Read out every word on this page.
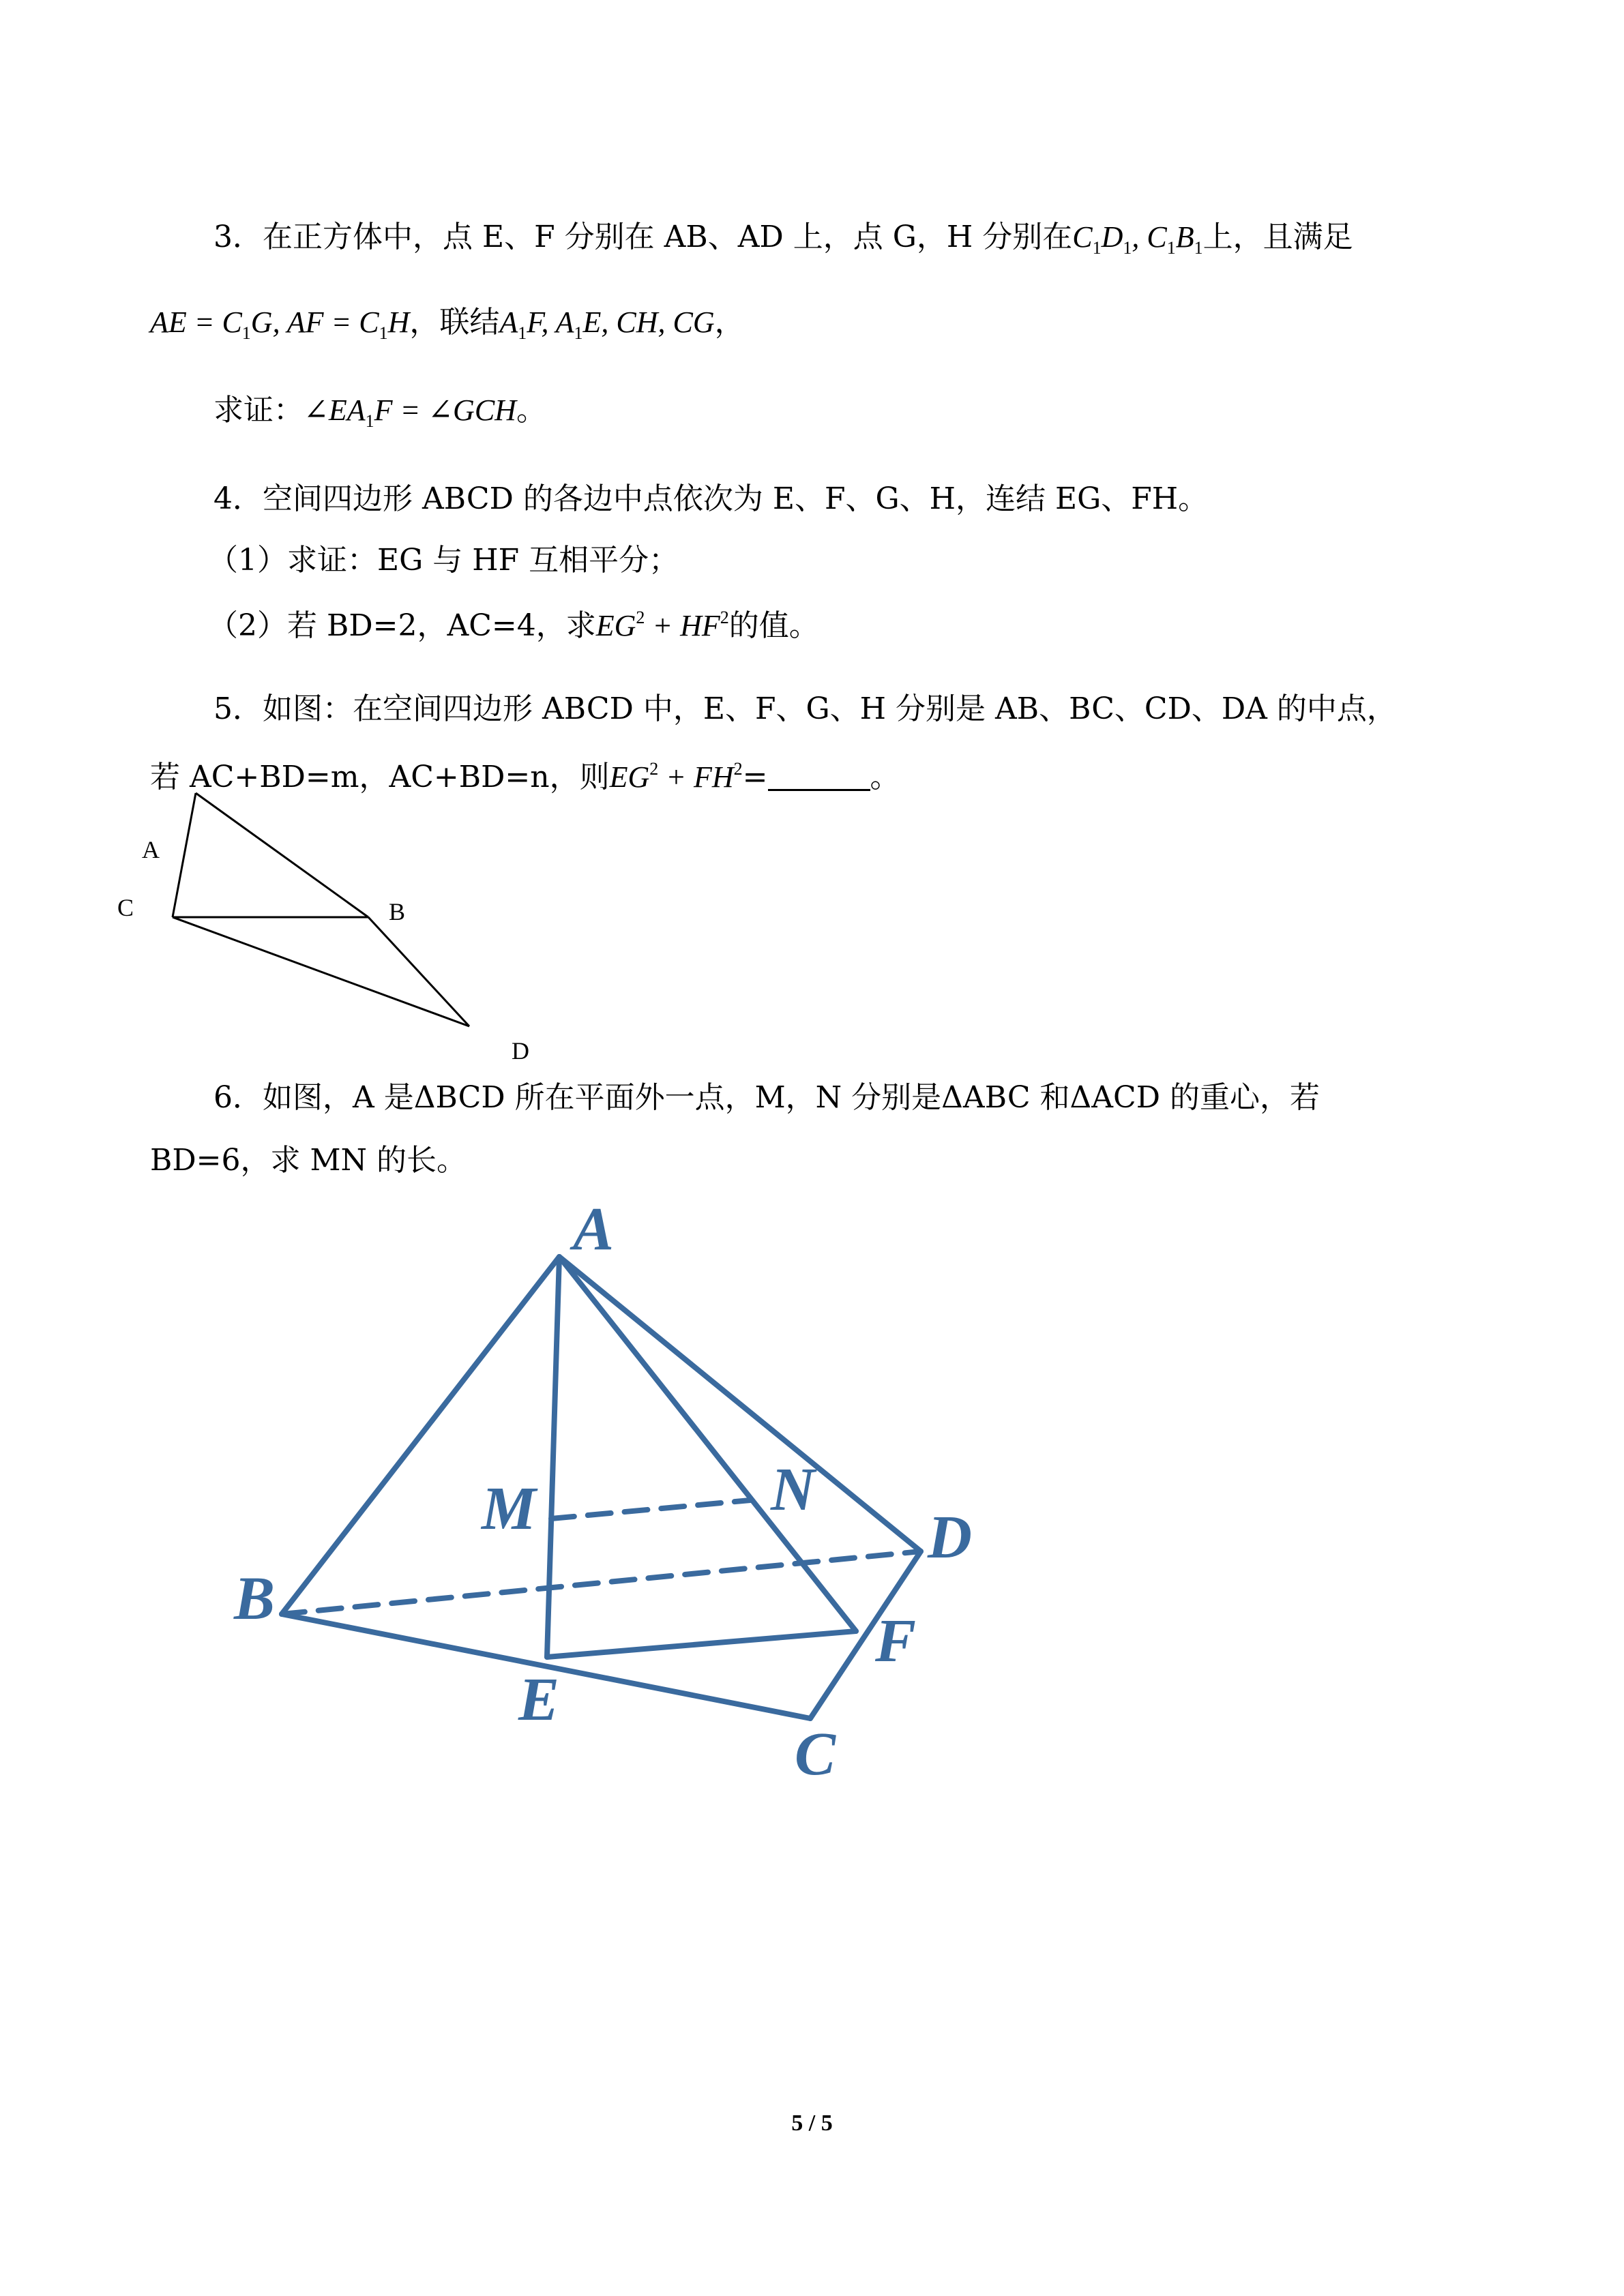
3．在正方体中，点 E、F 分别在 AB、AD 上，点 G，H 分别在$C_1D_1$, $C_1B_1$上，且满足
AE = $C_1G$, AF = $C_1H$，联结$A_1F$, $A_1E$, CH, CG，
求证：$\angle EA_1F$ = ∠GCH。
4．空间四边形 ABCD 的各边中点依次为 E、F、G、H，连结 EG、FH。
（1）求证：EG 与 HF 互相平分；
（2）若 BD=2，AC=4，求$EG^2 + HF^2$的值。
5．如图：在空间四边形 ABCD 中，E、F、G、H 分别是 AB、BC、CD、DA 的中点，
若 AC+BD=m，AC+BD=n，则$EG^2 + FH^2=$	。
A
C	B
D
6．如图，A 是ΔBCD 所在平面外一点，M，N 分别是ΔABC 和ΔACD 的重心，若
BD=6，求 MN 的长。
A
B
C
D
E
F
M	N
5 / 5
